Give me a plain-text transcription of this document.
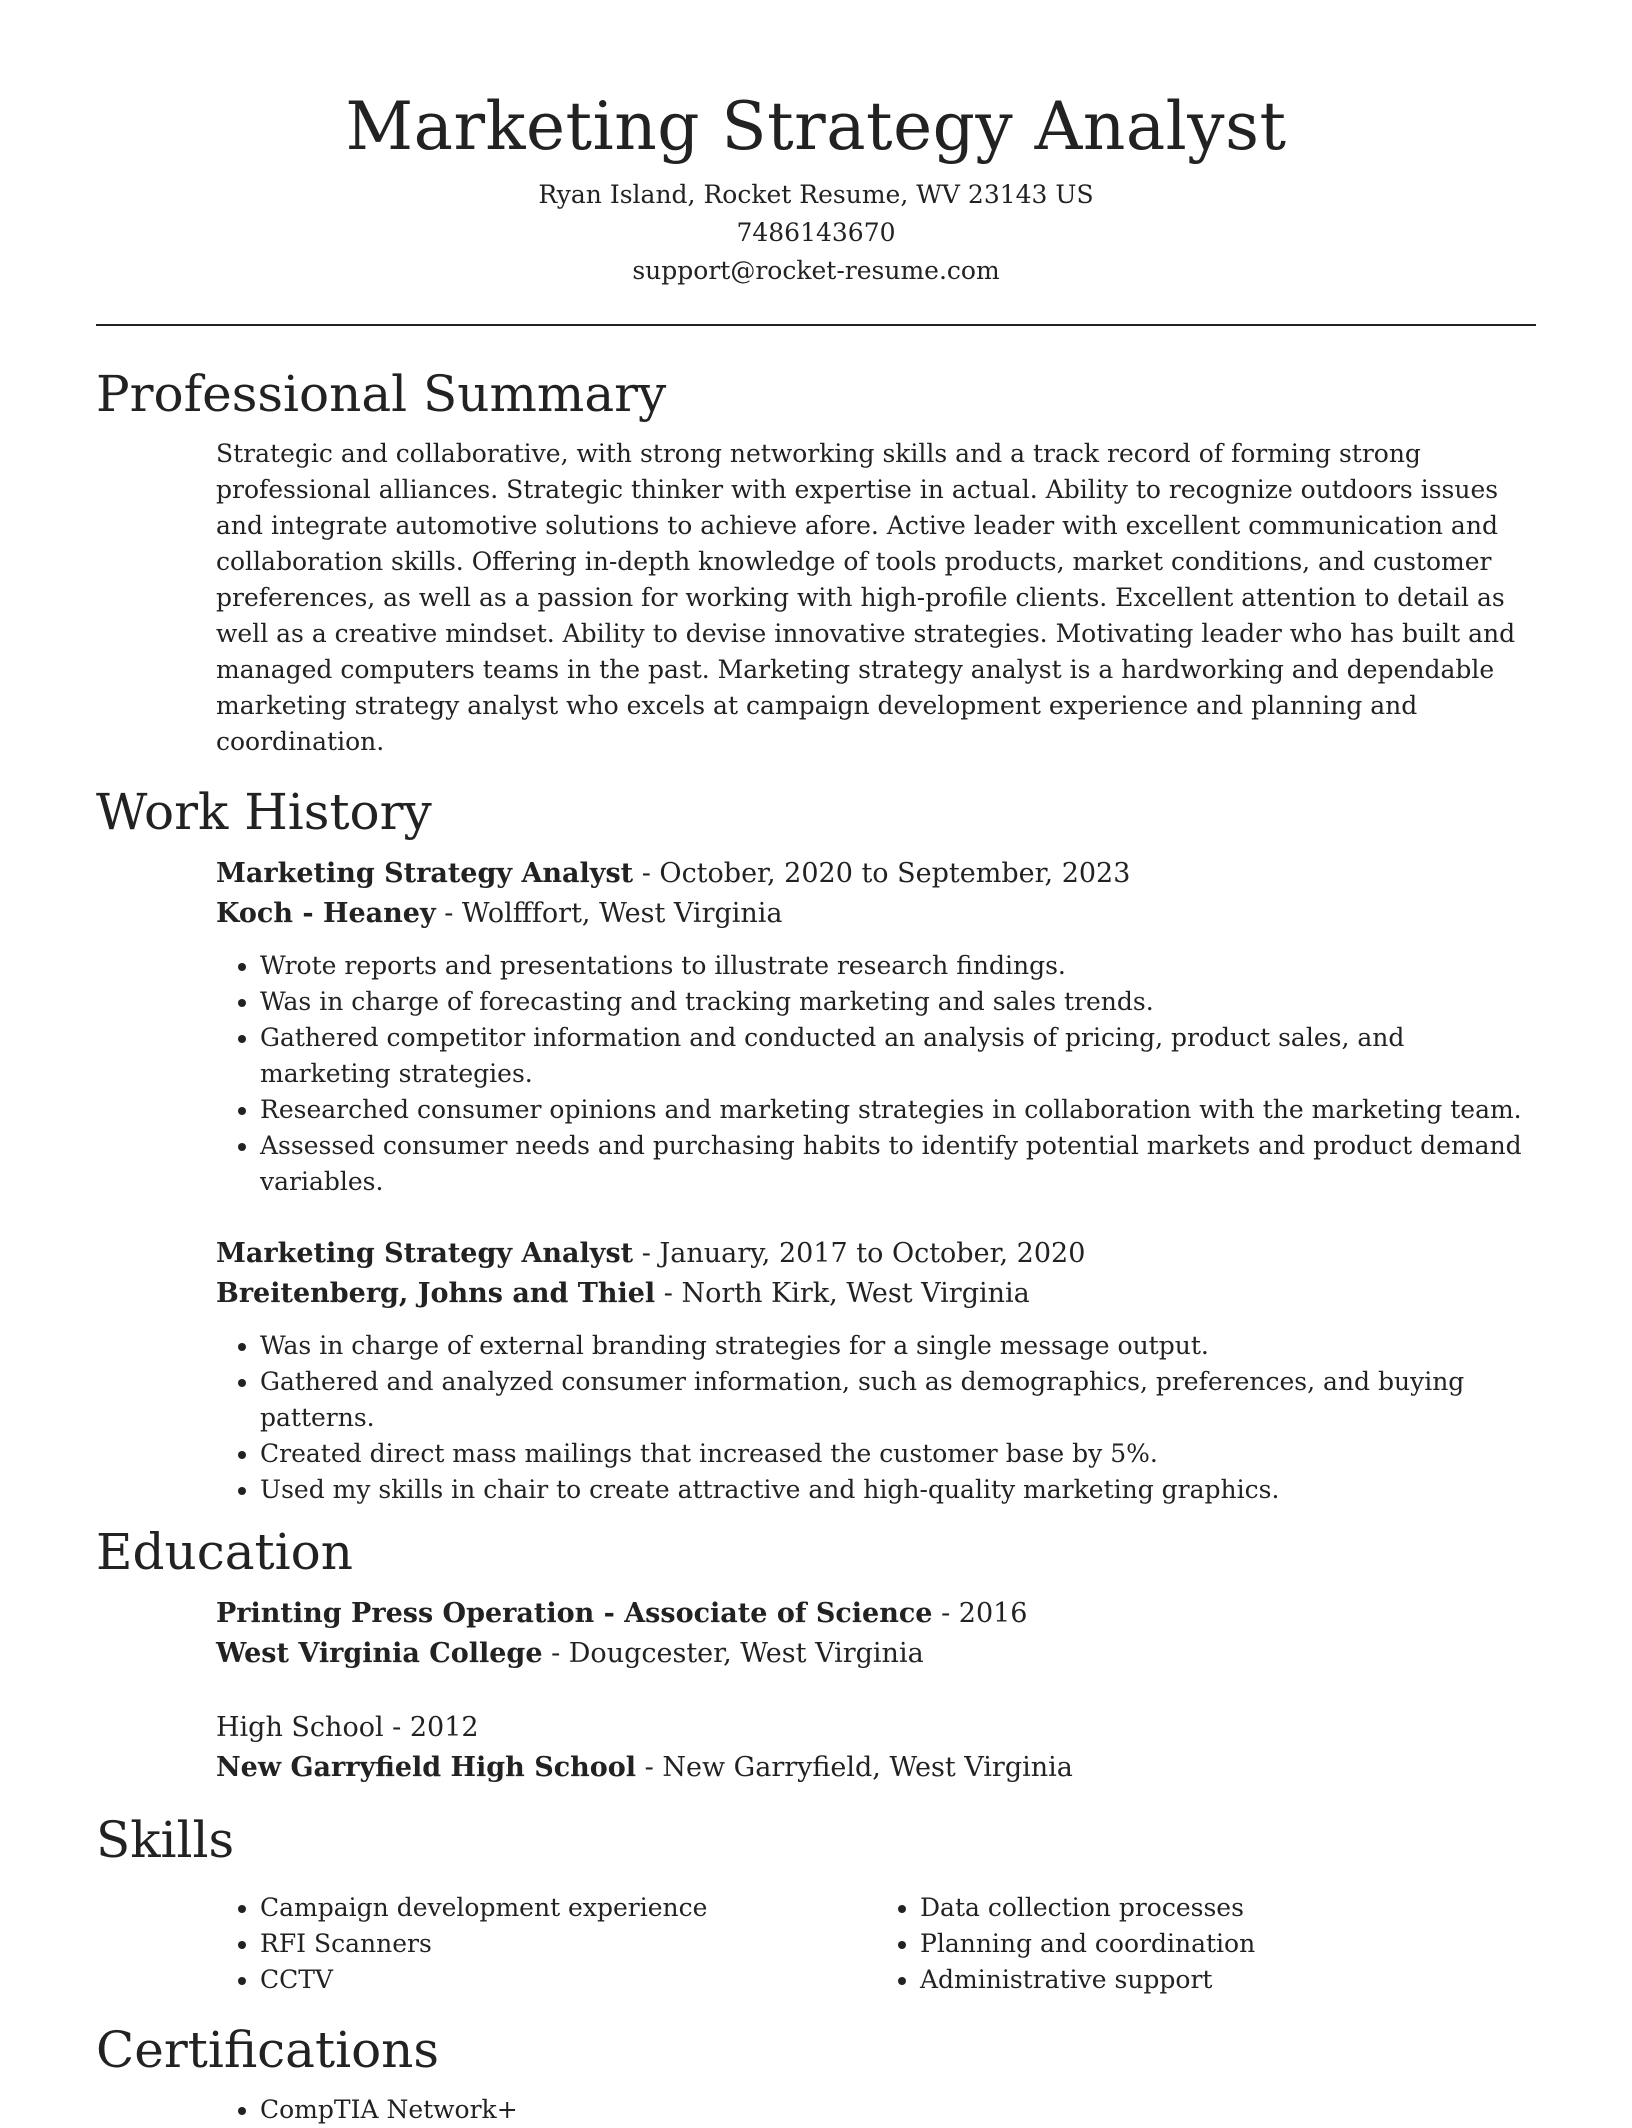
Marketing Strategy Analyst
Ryan Island, Rocket Resume, WV 23143 US
7486143670
support@rocket-resume.com
Professional Summary

Strategic and collaborative, with strong networking skills and a track record of forming strong professional alliances. Strategic thinker with expertise in actual. Ability to recognize outdoors issues and integrate automotive solutions to achieve afore. Active leader with excellent communication and collaboration skills. Offering in-depth knowledge of tools products, market conditions, and customer preferences, as well as a passion for working with high-profile clients. Excellent attention to detail as well as a creative mindset. Ability to devise innovative strategies. Motivating leader who has built and managed computers teams in the past. Marketing strategy analyst is a hardworking and dependable marketing strategy analyst who excels at campaign development experience and planning and coordination.

Work History
Marketing Strategy Analyst - October, 2020 to September, 2023
Koch - Heaney - Wolfffort, West Virginia
• Wrote reports and presentations to illustrate research findings.
• Was in charge of forecasting and tracking marketing and sales trends.
• Gathered competitor information and conducted an analysis of pricing, product sales, and marketing strategies.
• Researched consumer opinions and marketing strategies in collaboration with the marketing team.
• Assessed consumer needs and purchasing habits to identify potential markets and product demand variables.
Marketing Strategy Analyst - January, 2017 to October, 2020
Breitenberg, Johns and Thiel - North Kirk, West Virginia
• Was in charge of external branding strategies for a single message output.
• Gathered and analyzed consumer information, such as demographics, preferences, and buying patterns.
• Created direct mass mailings that increased the customer base by 5%.
• Used my skills in chair to create attractive and high-quality marketing graphics.
Education
Printing Press Operation - Associate of Science - 2016
West Virginia College - Dougcester, West Virginia
High School - 2012
New Garryfield High School - New Garryfield, West Virginia
Skills
• Campaign development experience
• RFI Scanners
• CCTV
• Data collection processes
• Planning and coordination
• Administrative support
Certifications
• CompTIA Network+
